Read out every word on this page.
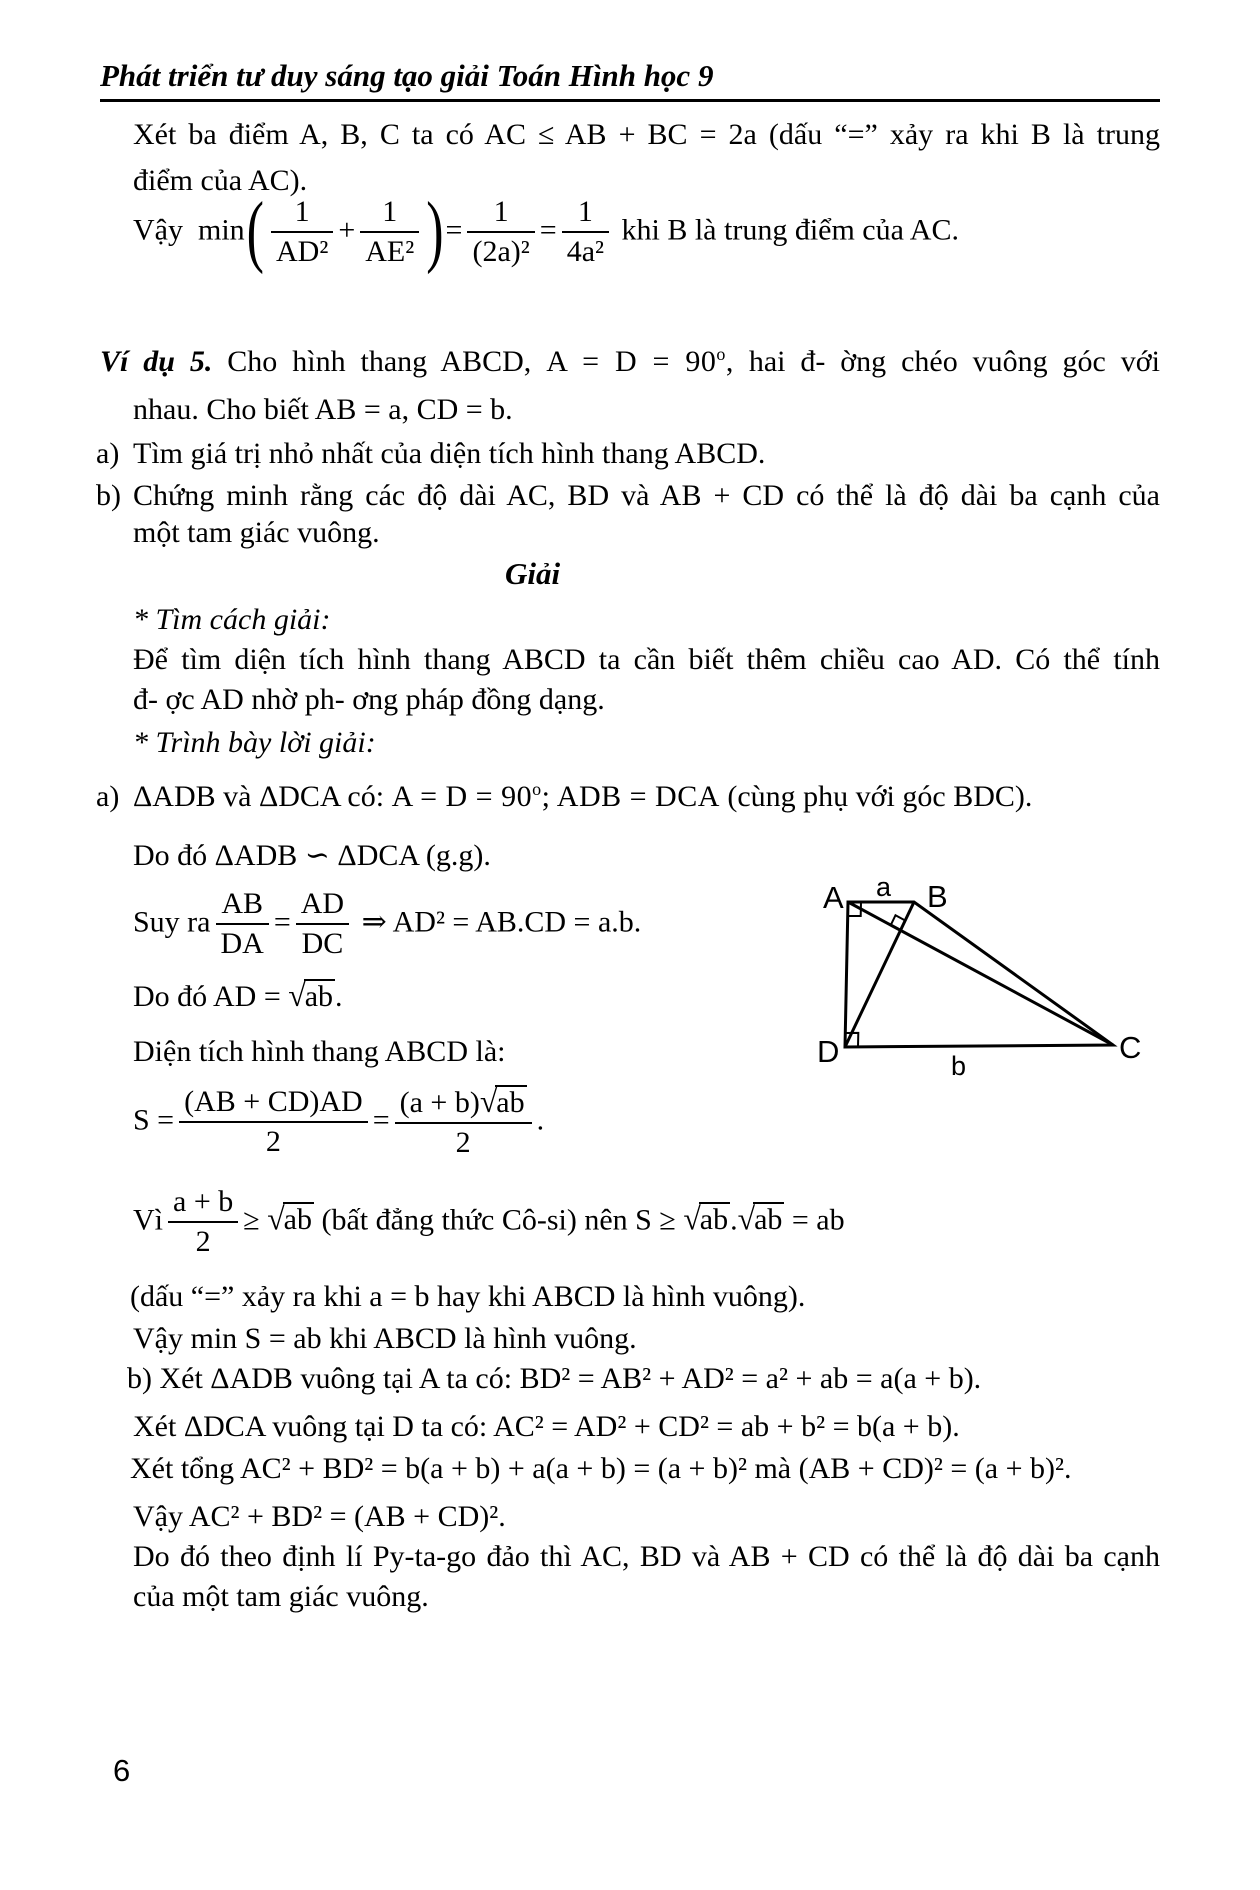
Phát triển tư duy sáng tạo giải Toán Hình học 9
Xét ba điểm A, B, C ta có AC ≤ AB + BC = 2a (dấu “=” xảy ra khi B là trung
điểm của AC).
Vậy $\min( \frac{1}{\text{AD²}} + \frac{1}{\text{AE²}}$ )= $\frac{1}{\text{(2a)²}} = \frac{1}{\text{4a²}}$ khi B là trung điểm của AC.
Ví dụ 5. Cho hình thang ABCD, $A = D = 90^o$, hai đ- ờng chéo vuông góc với
nhau. Cho biết AB = a, CD = b.
a) Tìm giá trị nhỏ nhất của diện tích hình thang ABCD.
b) Chứng minh rằng các độ dài AC, BD và AB + CD có thể là độ dài ba cạnh của
một tam giác vuông.
Giải
* Tìm cách giải:
Để tìm diện tích hình thang ABCD ta cần biết thêm chiều cao AD. Có thể tính
đ- ợc AD nhờ ph- ơng pháp đồng dạng.
* Trình bày lời giải:
a) ΔADB và ΔDCA có: $A = D = 90^o$; ADB = DCA (cùng phụ với góc BDC).
Do đó ΔADB ∽ ΔDCA (g.g).
A	B
C
D
a
b
Suy ra $\frac{AB}{DA} = \frac{AD}{DC}$ ⇒ AD² = AB.CD = a.b.
Do đó AD = √ab.
Diện tích hình thang ABCD là:
$S = \frac{(AB + CD)AD}{2} = \frac{(a + b)√ab}{2}$ .
Vì $\frac{a + b}{2} \ge √ab$ (bất đẳng thức Cô-si) nên S ≥ √ab.√ab = ab
(dấu “=” xảy ra khi a = b hay khi ABCD là hình vuông).
Vậy min S = ab khi ABCD là hình vuông.
b) Xét ΔADB vuông tại A ta có: BD² = AB² + AD² = a² + ab = a(a + b).
Xét ΔDCA vuông tại D ta có: AC² = AD² + CD² = ab + b² = b(a + b).
Xét tổng AC² + BD² = b(a + b) + a(a + b) = (a + b)² mà (AB + CD)² = (a + b)².
Vậy AC² + BD² = (AB + CD)².
Do đó theo định lí Py-ta-go đảo thì AC, BD và AB + CD có thể là độ dài ba cạnh
của một tam giác vuông.
6
